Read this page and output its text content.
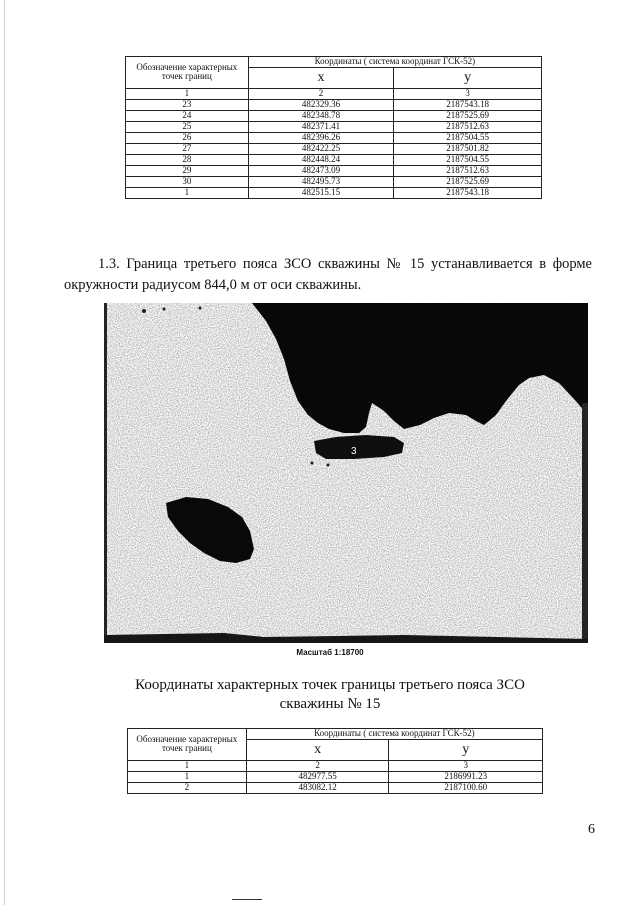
Обозначение характерных точек границ	Координаты ( система координат ГСК-52)	
	x	y
1	2	3
23	482329.36	2187543.18
24	482348.78	2187525.69
25	482371.41	2187512.63
26	482396.26	2187504.55
27	482422.25	2187501.82
28	482448.24	2187504.55
29	482473.09	2187512.63
30	482495.73	2187525.69
1	482515.15	2187543.18

1.3. Граница третьего пояса ЗСО скважины № 15 устанавливается в форме окружности радиусом 844,0 м от оси скважины.

3
Масштаб 1:18700

Координаты характерных точек границы третьего пояса ЗСО
скважины № 15

Обозначение характерных точек границ	Координаты ( система координат ГСК-52)	
	x	y
1	2	3
1	482977.55	2186991.23
2	483082.12	2187100.60
6
